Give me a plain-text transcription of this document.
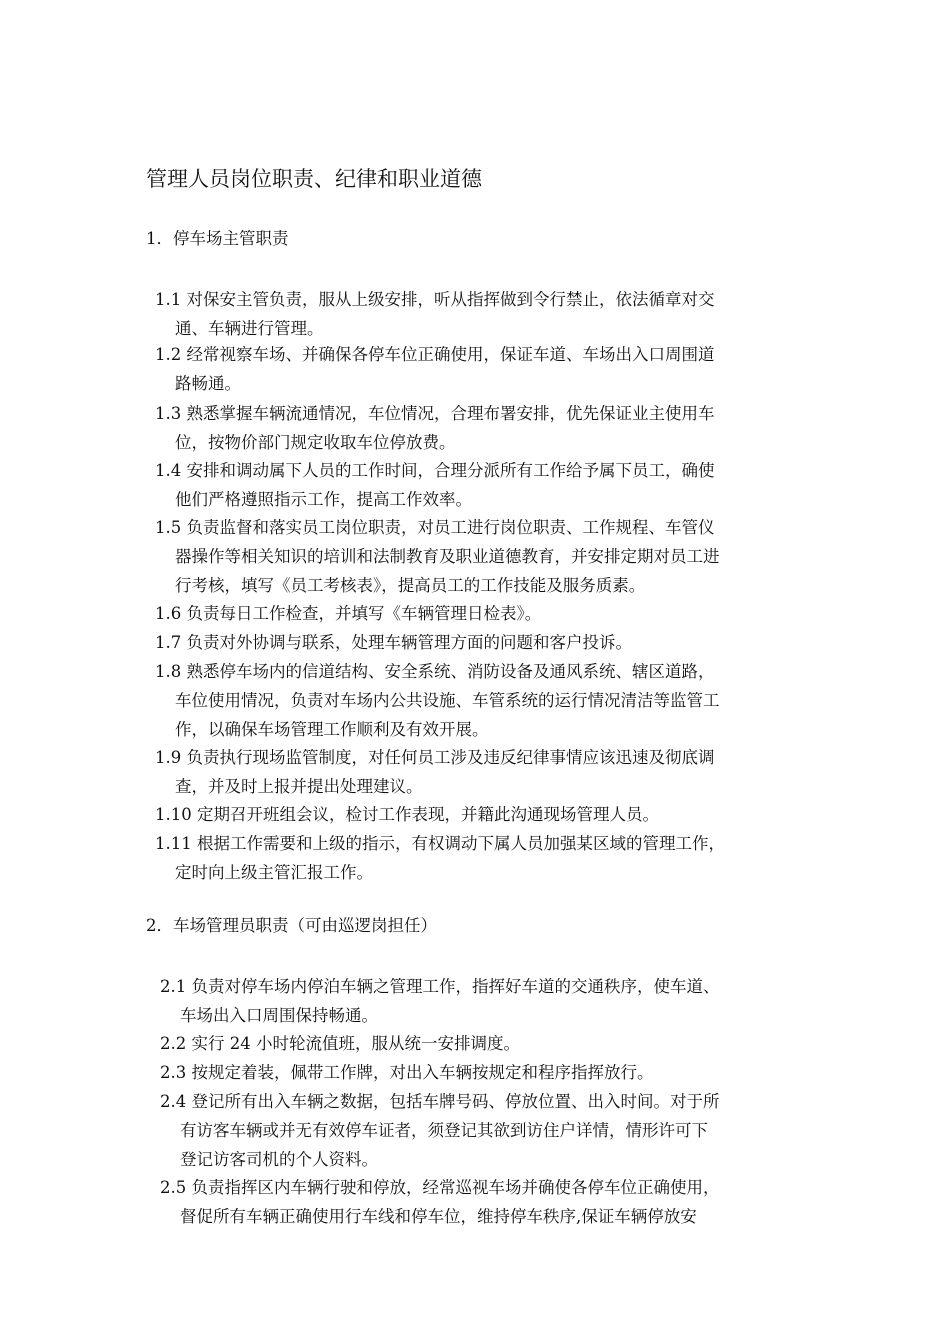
管理人员岗位职责、纪律和职业道德
1．停车场主管职责
1.1 对保安主管负责，服从上级安排，听从指挥做到令行禁止，依法循章对交
通、车辆进行管理。
1.2 经常视察车场、并确保各停车位正确使用，保证车道、车场出入口周围道
路畅通。
1.3 熟悉掌握车辆流通情况，车位情况，合理布署安排，优先保证业主使用车
位，按物价部门规定收取车位停放费。
1.4 安排和调动属下人员的工作时间，合理分派所有工作给予属下员工，确使
他们严格遵照指示工作，提高工作效率。
1.5 负责监督和落实员工岗位职责，对员工进行岗位职责、工作规程、车管仪
器操作等相关知识的培训和法制教育及职业道德教育，并安排定期对员工进
行考核，填写《员工考核表》，提高员工的工作技能及服务质素。
1.6 负责每日工作检查，并填写《车辆管理日检表》。
1.7 负责对外协调与联系，处理车辆管理方面的问题和客户投诉。
1.8 熟悉停车场内的信道结构、安全系统、消防设备及通风系统、辖区道路，
车位使用情况，负责对车场内公共设施、车管系统的运行情况清洁等监管工
作，以确保车场管理工作顺利及有效开展。
1.9 负责执行现场监管制度，对任何员工涉及违反纪律事情应该迅速及彻底调
查，并及时上报并提出处理建议。
1.10 定期召开班组会议，检讨工作表现，并籍此沟通现场管理人员。
1.11 根据工作需要和上级的指示，有权调动下属人员加强某区域的管理工作，
定时向上级主管汇报工作。
2．车场管理员职责（可由巡逻岗担任）
2.1 负责对停车场内停泊车辆之管理工作，指挥好车道的交通秩序，使车道、
车场出入口周围保持畅通。
2.2 实行 24 小时轮流值班，服从统一安排调度。
2.3 按规定着装，佩带工作牌，对出入车辆按规定和程序指挥放行。
2.4 登记所有出入车辆之数据，包括车牌号码、停放位置、出入时间。对于所
有访客车辆或并无有效停车证者，须登记其欲到访住户详情，情形许可下
登记访客司机的个人资料。
2.5 负责指挥区内车辆行驶和停放，经常巡视车场并确使各停车位正确使用，
督促所有车辆正确使用行车线和停车位，维持停车秩序,保证车辆停放安
